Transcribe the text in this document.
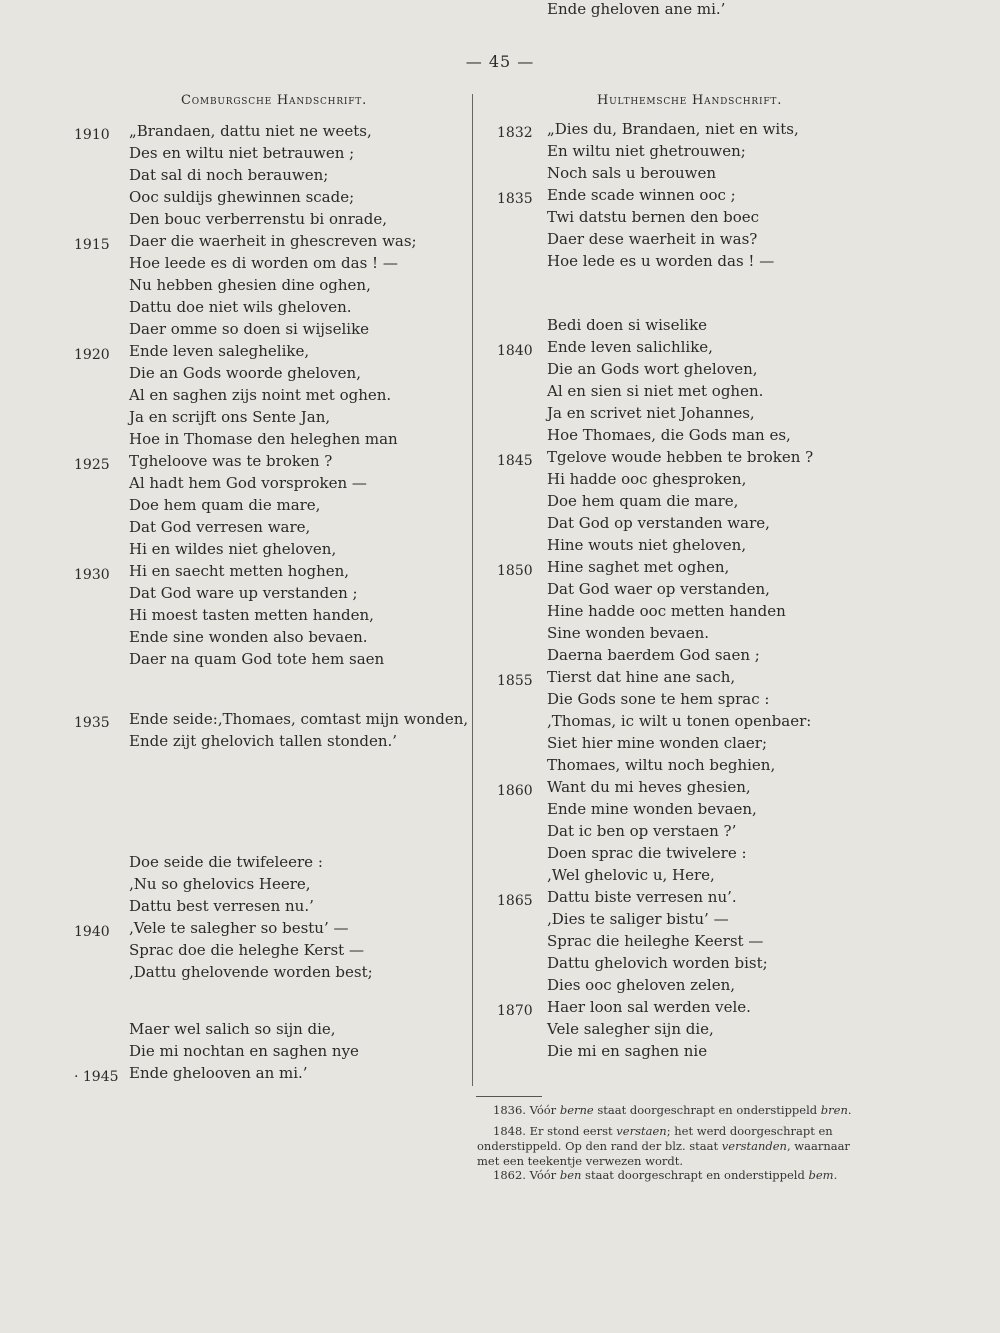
— 45 —
Comburgsche Handschrift.	Hulthemsche Handschrift.
1910 „Brandaen, dattu niet ne weets,
Des en wiltu niet betrauwen ;
Dat sal di noch berauwen;
Ooc suldijs ghewinnen scade;
Den bouc verberrenstu bi onrade,
1915 Daer die waerheit in ghescreven was;
Hoe leede es di worden om das ! —
Nu hebben ghesien dine oghen,
Dattu doe niet wils gheloven.
Daer omme so doen si wijselike
1920 Ende leven saleghelike,
Die an Gods woorde gheloven,
Al en saghen zijs noint met oghen.
Ja en scrijft ons Sente Jan,
Hoe in Thomase den heleghen man
1925 Tgheloove was te broken ?
Al hadt hem God vorsproken —
Doe hem quam die mare,
Dat God verresen ware,
Hi en wildes niet gheloven,
1930 Hi en saecht metten hoghen,
Dat God ware up verstanden ;
Hi moest tasten metten handen,
Ende sine wonden also bevaen.
Daer na quam God tote hem saen
1935 Ende seide:‚Thomaes, comtast mijn wonden,
Ende zijt ghelovich tallen stonden.’
Doe seide die twifeleere :
‚Nu so ghelovics Heere,
Dattu best verresen nu.’
1940 ‚Vele te salegher so bestu’ —
Sprac doe die heleghe Kerst —
‚Dattu ghelovende worden best;
Maer wel salich so sijn die,
Die mi nochtan en saghen nye
· 1945 Ende ghelooven an mi.’
1832 „Dies du, Brandaen, niet en wits,
En wiltu niet ghetrouwen;
Noch sals u berouwen
1835 Ende scade winnen ooc ;
Twi datstu bernen den boec
Daer dese waerheit in was?
Hoe lede es u worden das ! —
Bedi doen si wiselike
1840 Ende leven salichlike,
Die an Gods wort gheloven,
Al en sien si niet met oghen.
Ja en scrivet niet Johannes,
Hoe Thomaes, die Gods man es,
1845 Tgelove woude hebben te broken ?
Hi hadde ooc ghesproken,
Doe hem quam die mare,
Dat God op verstanden ware,
Hine wouts niet gheloven,
1850 Hine saghet met oghen,
Dat God waer op verstanden,
Hine hadde ooc metten handen
Sine wonden bevaen.
Daerna baerdem God saen ;
1855 Tierst dat hine ane sach,
Die Gods sone te hem sprac :
‚Thomas, ic wilt u tonen openbaer:
Siet hier mine wonden claer;
Thomaes, wiltu noch beghien,
1860 Want du mi heves ghesien,
Ende mine wonden bevaen,
Dat ic ben op verstaen ?’
Doen sprac die twivelere :
‚Wel ghelovic u, Here,
1865 Dattu biste verresen nu’.
‚Dies te saliger bistu’ —
Sprac die heileghe Keerst —
Dattu ghelovich worden bist;
Dies ooc gheloven zelen,
1870 Haer loon sal werden vele.
Vele salegher sijn die,
Die mi en saghen nie
Ende gheloven ane mi.’
1836. Vóór berne staat doorgeschrapt en onderstippeld bren.
1848. Er stond eerst verstaen; het werd doorgeschrapt en onderstippeld. Op den rand der blz. staat verstanden, waarnaar met een teekentje verwezen wordt.
1862. Vóór ben staat doorgeschrapt en onderstippeld bem.
